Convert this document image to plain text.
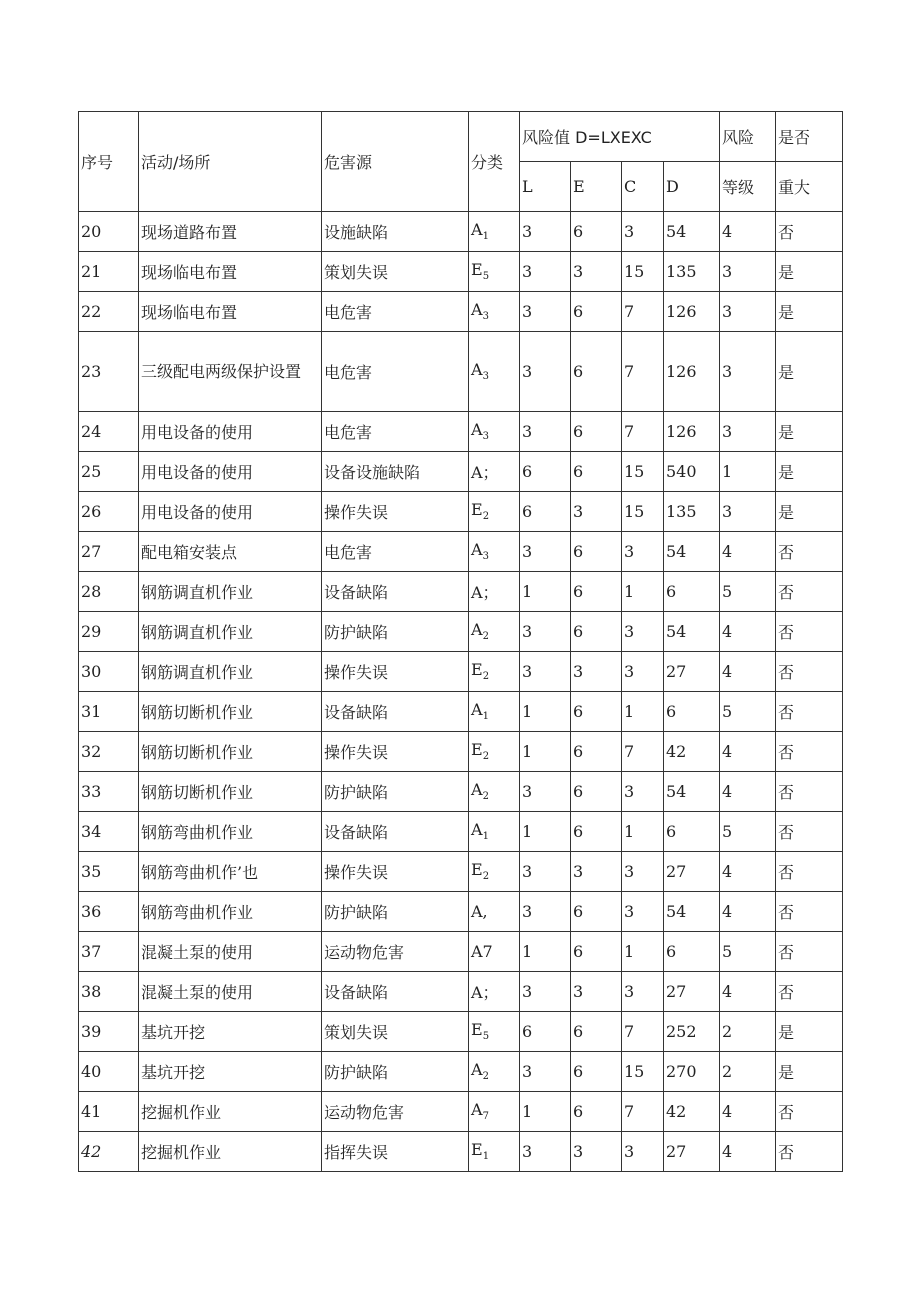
序号	活动/场所	危害源	分类	风险值 D=LXEXC				风险	是否
				L	E	C	D	等级	重大
20	现场道路布置	设施缺陷	$A_1$	3	6	3	54	4	否
21	现场临电布置	策划失误	$E_5$	3	3	15	135	3	是
22	现场临电布置	电危害	$A_3$	3	6	7	126	3	是
23	三级配电两级保护设置	电危害	$A_3$	3	6	7	126	3	是
24	用电设备的使用	电危害	$A_3$	3	6	7	126	3	是
25	用电设备的使用	设备设施缺陷	A；	6	6	15	540	1	是
26	用电设备的使用	操作失误	$E_2$	6	3	15	135	3	是
27	配电箱安装点	电危害	$A_3$	3	6	3	54	4	否
28	钢筋调直机作业	设备缺陷	A；	1	6	1	6	5	否
29	钢筋调直机作业	防护缺陷	$A_2$	3	6	3	54	4	否
30	钢筋调直机作业	操作失误	$E_2$	3	3	3	27	4	否
31	钢筋切断机作业	设备缺陷	$A_1$	1	6	1	6	5	否
32	钢筋切断机作业	操作失误	$E_2$	1	6	7	42	4	否
33	钢筋切断机作业	防护缺陷	$A_2$	3	6	3	54	4	否
34	钢筋弯曲机作业	设备缺陷	$A_1$	1	6	1	6	5	否
35	钢筋弯曲机作’也	操作失误	$E_2$	3	3	3	27	4	否
36	钢筋弯曲机作业	防护缺陷	A,	3	6	3	54	4	否
37	混凝土泵的使用	运动物危害	A7	1	6	1	6	5	否
38	混凝土泵的使用	设备缺陷	A；	3	3	3	27	4	否
39	基坑开挖	策划失误	$E_5$	6	6	7	252	2	是
40	基坑开挖	防护缺陷	$A_2$	3	6	15	270	2	是
41	挖掘机作业	运动物危害	$A_7$	1	6	7	42	4	否
42	挖掘机作业	指挥失误	$E_1$	3	3	3	27	4	否
